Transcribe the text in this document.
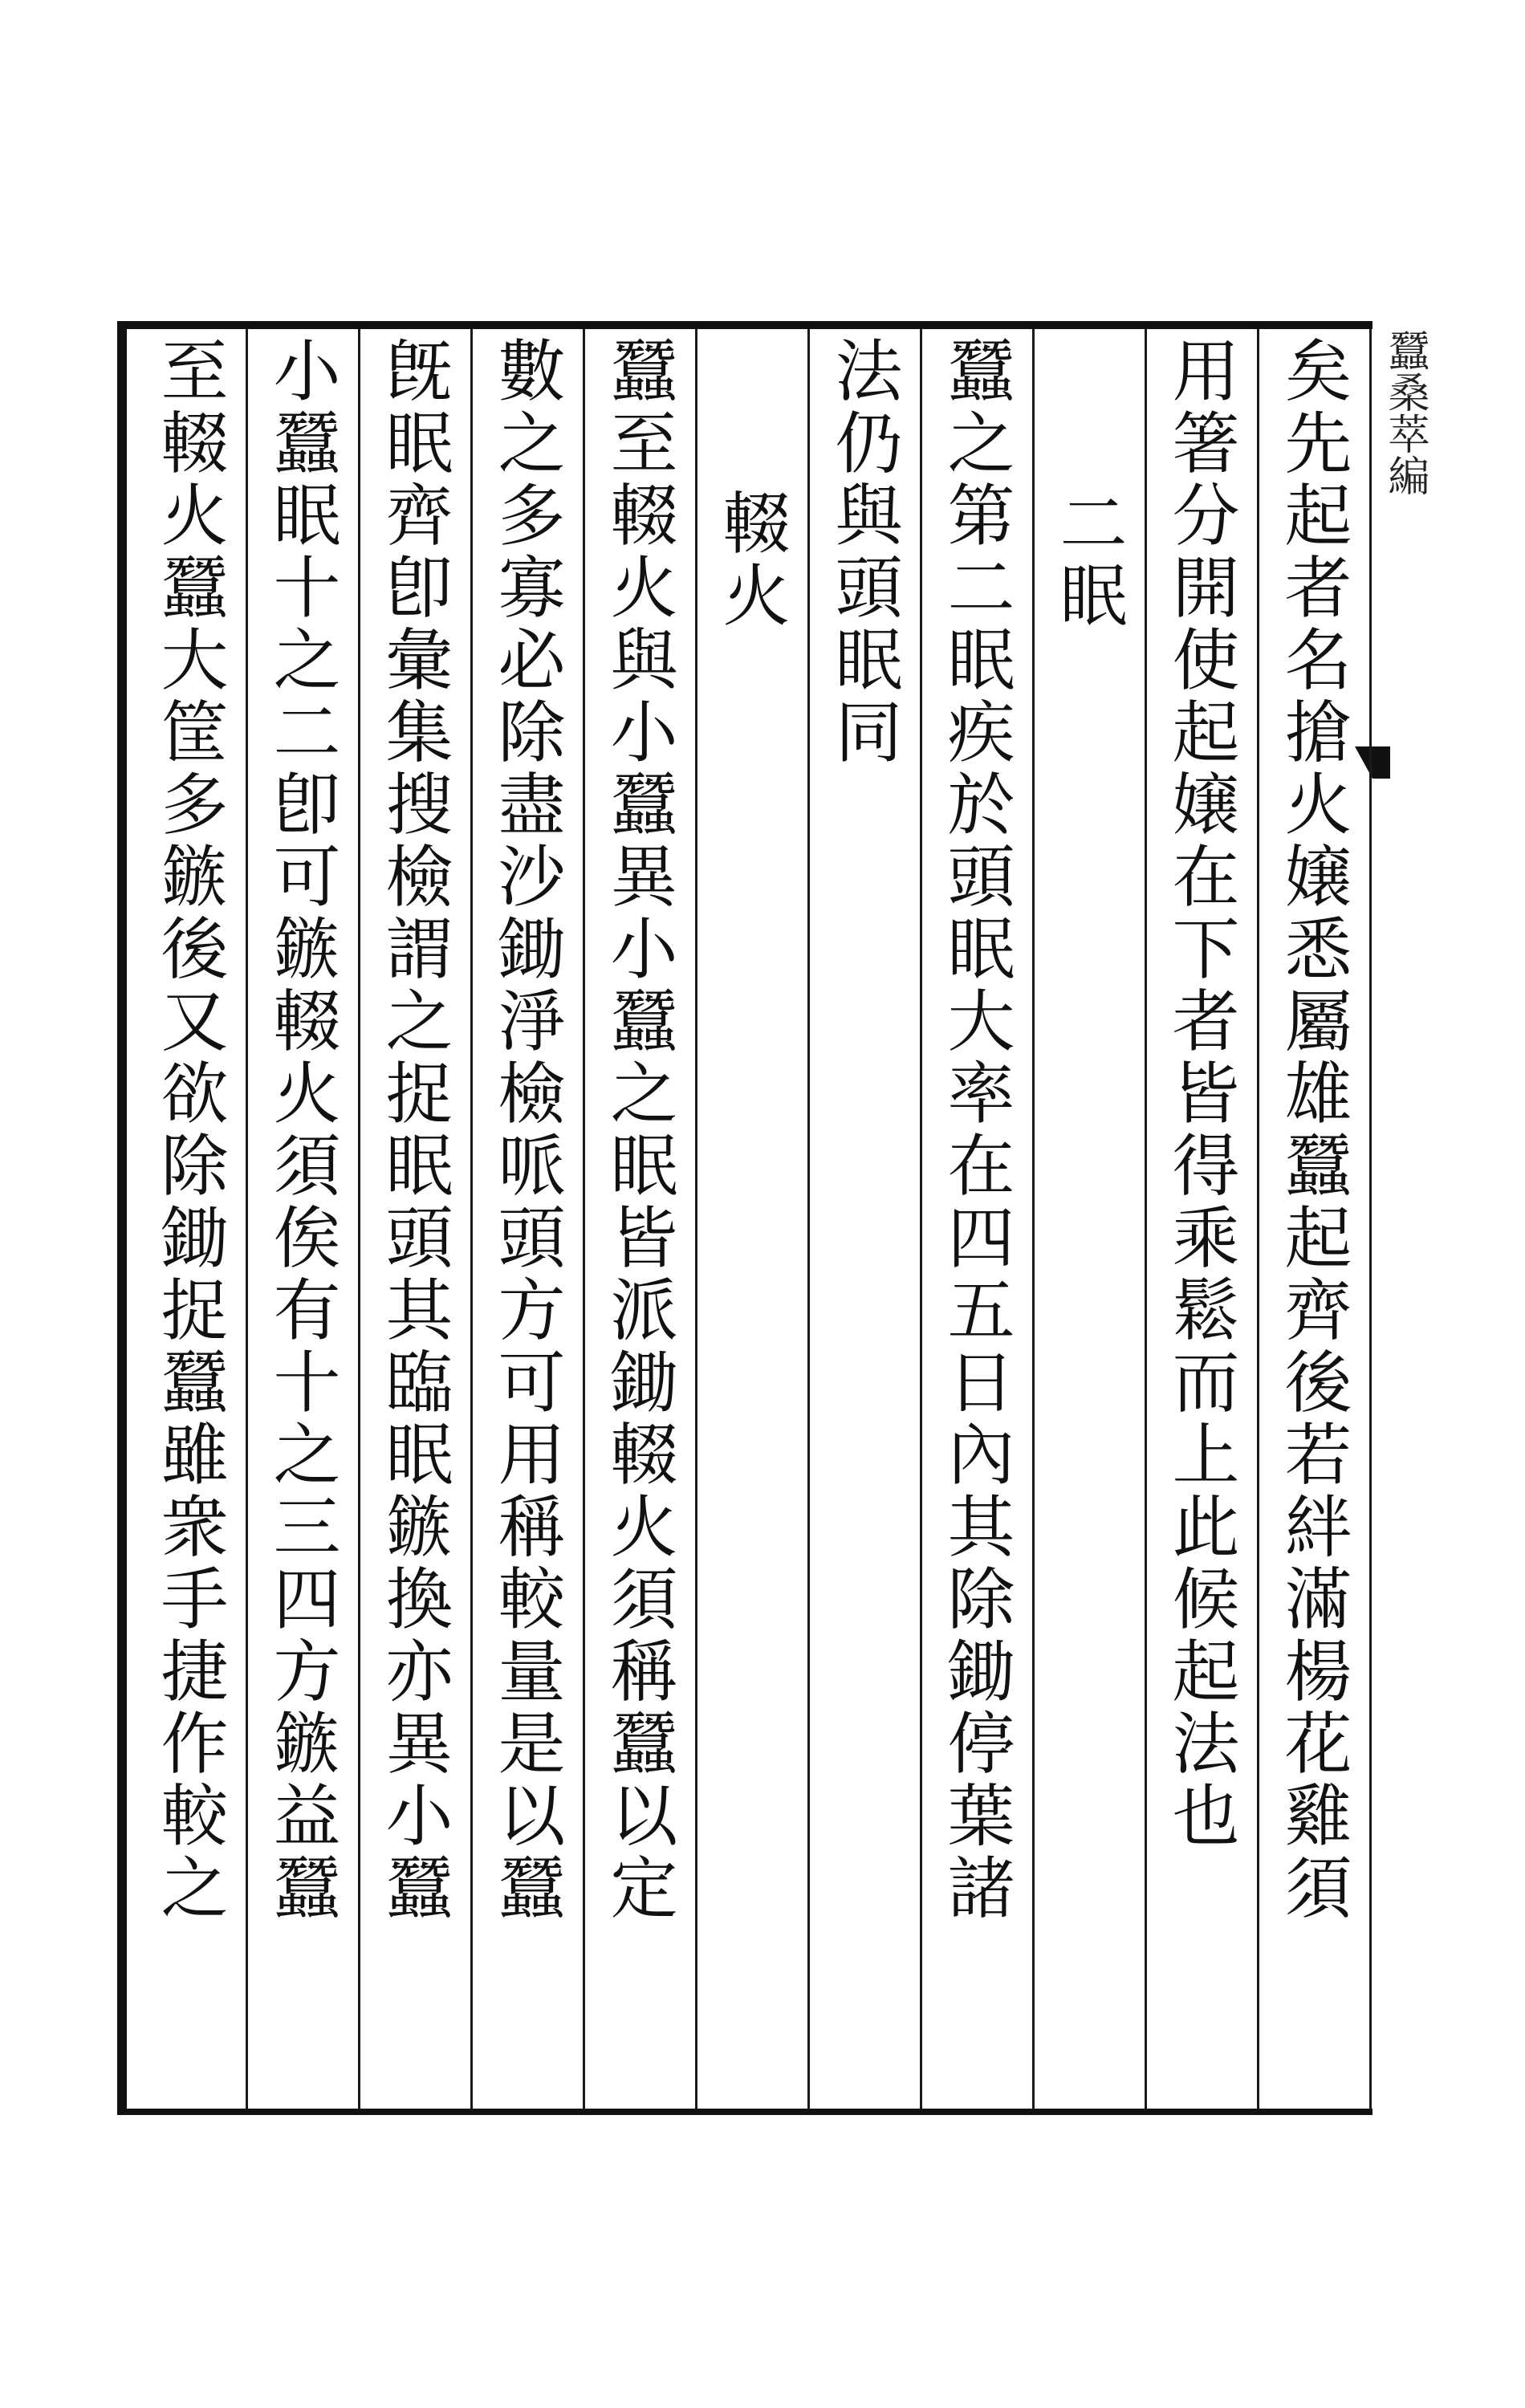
蠶桑萃編
矣先起者名搶火嬢悉屬雄蠶起齊後若絆滿楊花雞須
用箸分開使起嬢在下者皆得乘鬆而上此候起法也
二眠
蠶之第二眠疾於頭眠大率在四五日內其除鋤停葉諸
法仍與頭眠同
輟火
蠶至輟火與小蠶異小蠶之眠皆派鋤輟火須稱蠶以定
數之多寡必除盡沙鋤淨檢哌頭方可用稱較量是以蠶
旣眠齊卽彙集搜檢謂之捉眠頭其臨眠鏃換亦異小蠶
小蠶眠十之二卽可鏃輟火須俟有十之三四方鏃益蠶
至輟火蠶大筐多鏃後又欲除鋤捉蠶雖衆手捷作較之
